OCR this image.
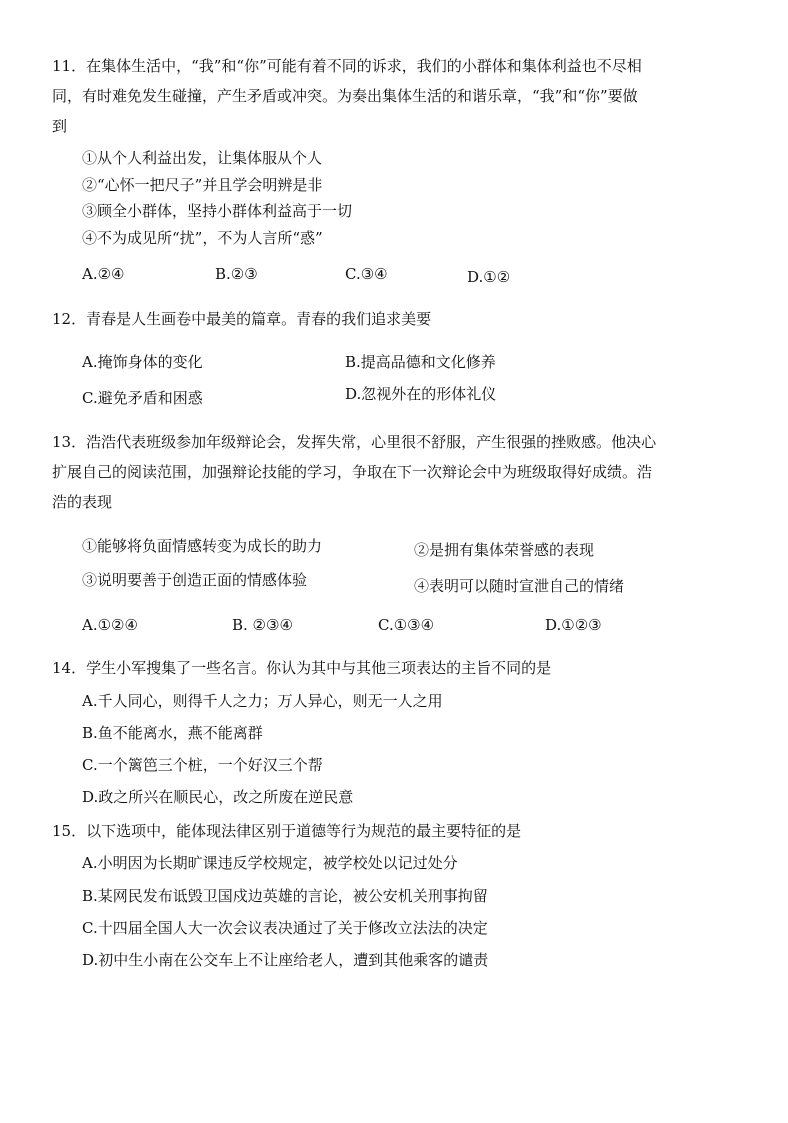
11．在集体生活中，“我”和“你”可能有着不同的诉求，我们的小群体和集体利益也不尽相
同，有时难免发生碰撞，产生矛盾或冲突。为奏出集体生活的和谐乐章，“我”和“你”要做
到
①从个人利益出发，让集体服从个人
②“心怀一把尺子”并且学会明辨是非
③顾全小群体，坚持小群体利益高于一切
④不为成见所“扰”，不为人言所“惑”
A.②④	B.②③	C.③④	D.①②
12．青春是人生画卷中最美的篇章。青春的我们追求美要
A.掩饰身体的变化	B.提高品德和文化修养
C.避免矛盾和困惑	D.忽视外在的形体礼仪
13．浩浩代表班级参加年级辩论会，发挥失常，心里很不舒服，产生很强的挫败感。他决心
扩展自己的阅读范围，加强辩论技能的学习，争取在下一次辩论会中为班级取得好成绩。浩
浩的表现
①能够将负面情感转变为成长的助力	②是拥有集体荣誉感的表现
③说明要善于创造正面的情感体验	④表明可以随时宣泄自己的情绪
A.①②④	B. ②③④	C.①③④	D.①②③
14．学生小军搜集了一些名言。你认为其中与其他三项表达的主旨不同的是
A.千人同心，则得千人之力；万人异心，则无一人之用
B.鱼不能离水，燕不能离群
C.一个篱笆三个桩，一个好汉三个帮
D.政之所兴在顺民心，改之所废在逆民意
15．以下选项中，能体现法律区别于道德等行为规范的最主要特征的是
A.小明因为长期旷课违反学校规定，被学校处以记过处分
B.某网民发布诋毁卫国戍边英雄的言论，被公安机关刑事拘留
C.十四届全国人大一次会议表决通过了关于修改立法法的决定
D.初中生小南在公交车上不让座给老人，遭到其他乘客的谴责
